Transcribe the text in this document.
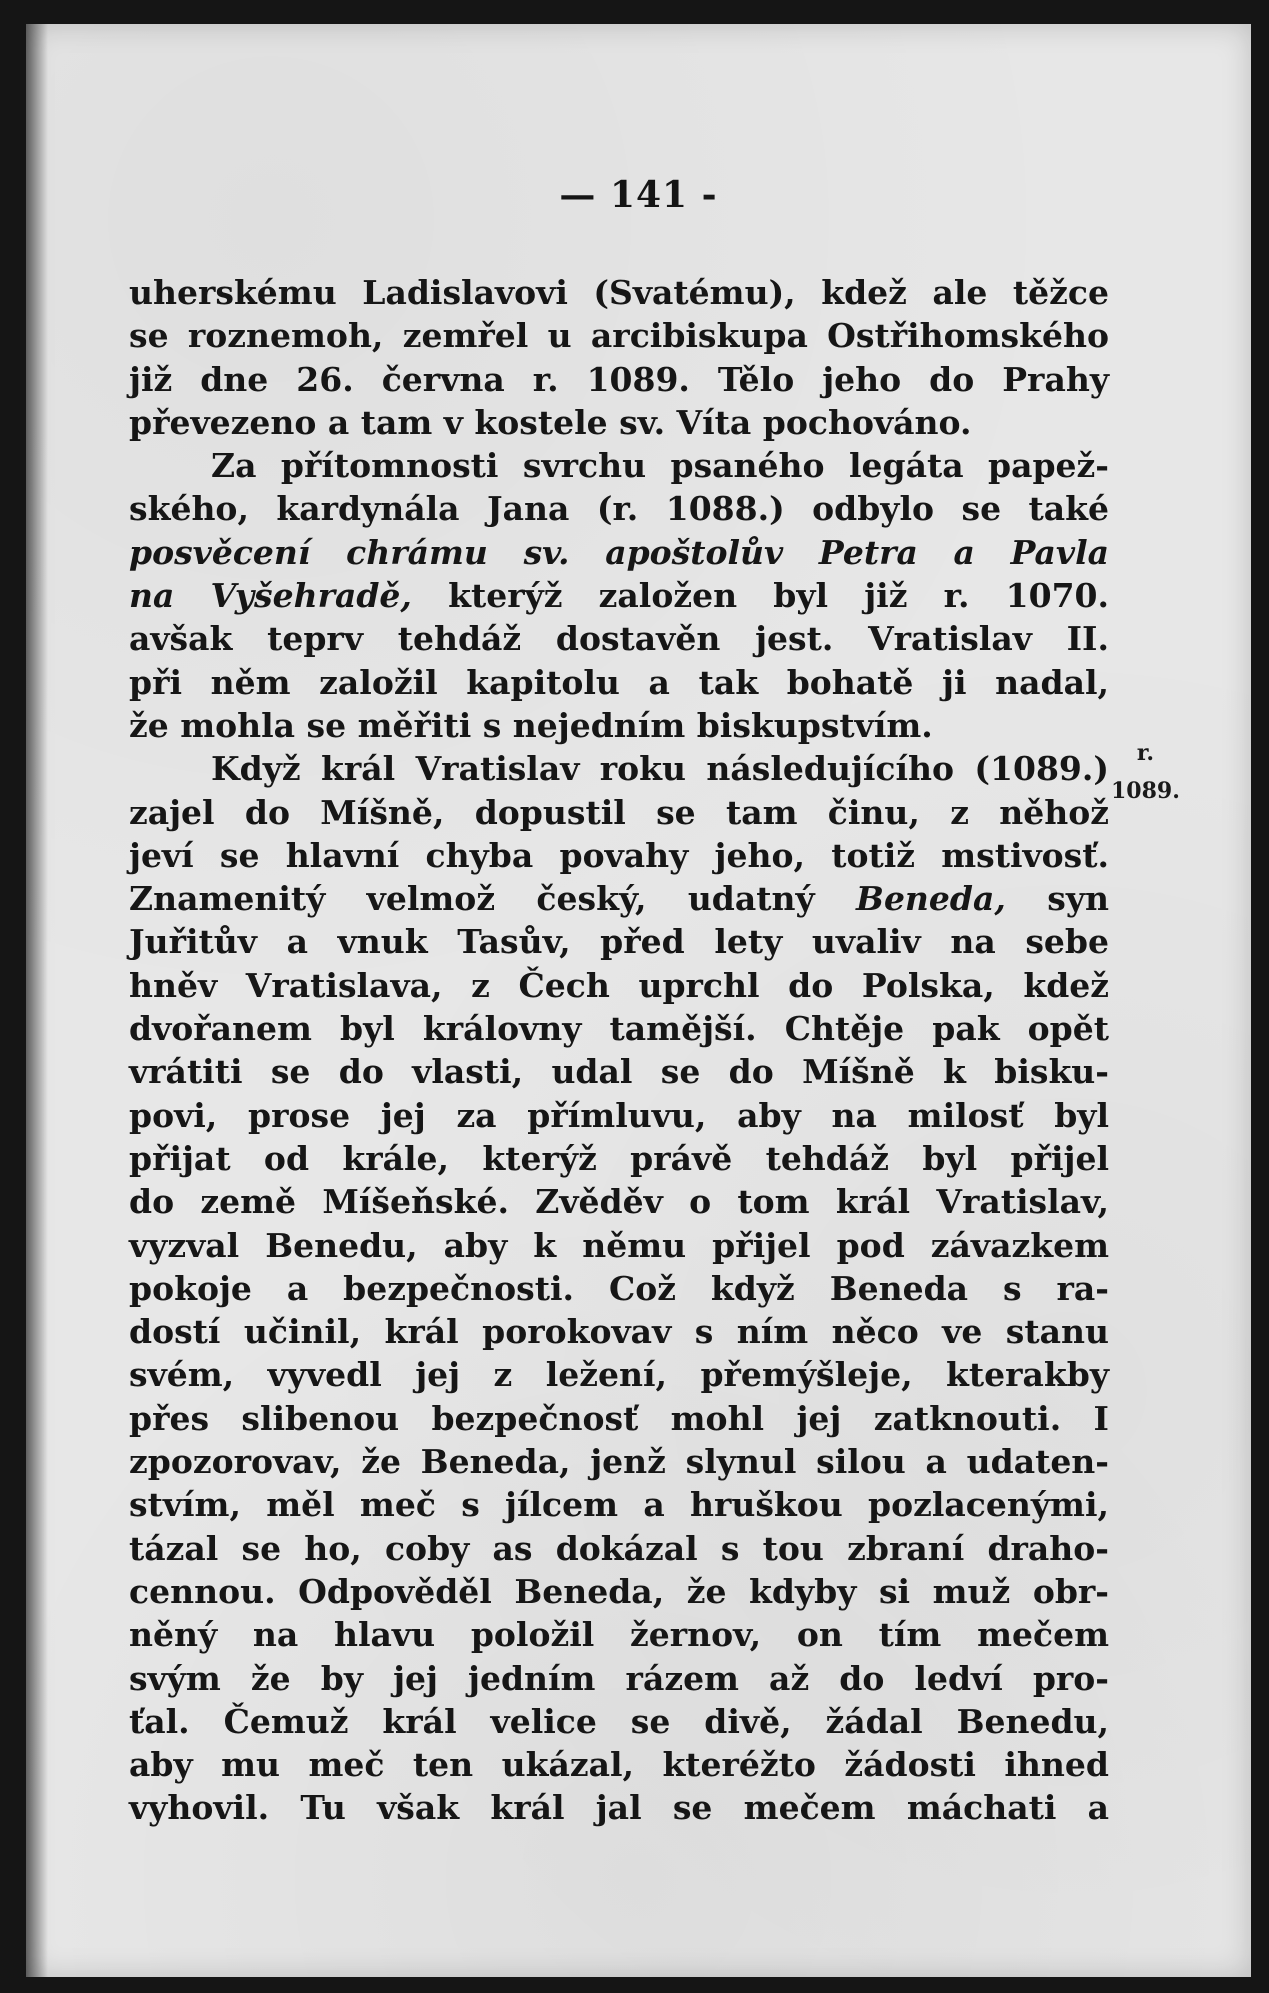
— 141 -
uherskému Ladislavovi (Svatému), kdež ale těžce
se roznemoh, zemřel u arcibiskupa Ostřihomského
již dne 26. června r. 1089. Tělo jeho do Prahy
převezeno a tam v kostele sv. Víta pochováno.
Za přítomnosti svrchu psaného legáta papež-
ského, kardynála Jana (r. 1088.) odbylo se také
posvěcení chrámu sv. apoštolův Petra a Pavla
na Vyšehradě, kterýž založen byl již r. 1070.
avšak teprv tehdáž dostavěn jest. Vratislav II.
při něm založil kapitolu a tak bohatě ji nadal,
že mohla se měřiti s nejedním biskupstvím.
Když král Vratislav roku následujícího (1089.)
zajel do Míšně, dopustil se tam činu, z něhož
jeví se hlavní chyba povahy jeho, totiž mstivosť.
Znamenitý velmož český, udatný Beneda, syn
Juřitův a vnuk Tasův, před lety uvaliv na sebe
hněv Vratislava, z Čech uprchl do Polska, kdež
dvořanem byl královny tamější. Chtěje pak opět
vrátiti se do vlasti, udal se do Míšně k bisku-
povi, prose jej za přímluvu, aby na milosť byl
přijat od krále, kterýž právě tehdáž byl přijel
do země Míšeňské. Zvěděv o tom král Vratislav,
vyzval Benedu, aby k němu přijel pod závazkem
pokoje a bezpečnosti. Což když Beneda s ra-
dostí učinil, král porokovav s ním něco ve stanu
svém, vyvedl jej z ležení, přemýšleje, kterakby
přes slibenou bezpečnosť mohl jej zatknouti. I
zpozorovav, že Beneda, jenž slynul silou a udaten-
stvím, měl meč s jílcem a hruškou pozlacenými,
tázal se ho, coby as dokázal s tou zbraní draho-
cennou. Odpověděl Beneda, že kdyby si muž obr-
něný na hlavu položil žernov, on tím mečem
svým že by jej jedním rázem až do ledví pro-
ťal. Čemuž král velice se divě, žádal Benedu,
aby mu meč ten ukázal, kteréžto žádosti ihned
vyhovil. Tu však král jal se mečem máchati a
r.
1089.
